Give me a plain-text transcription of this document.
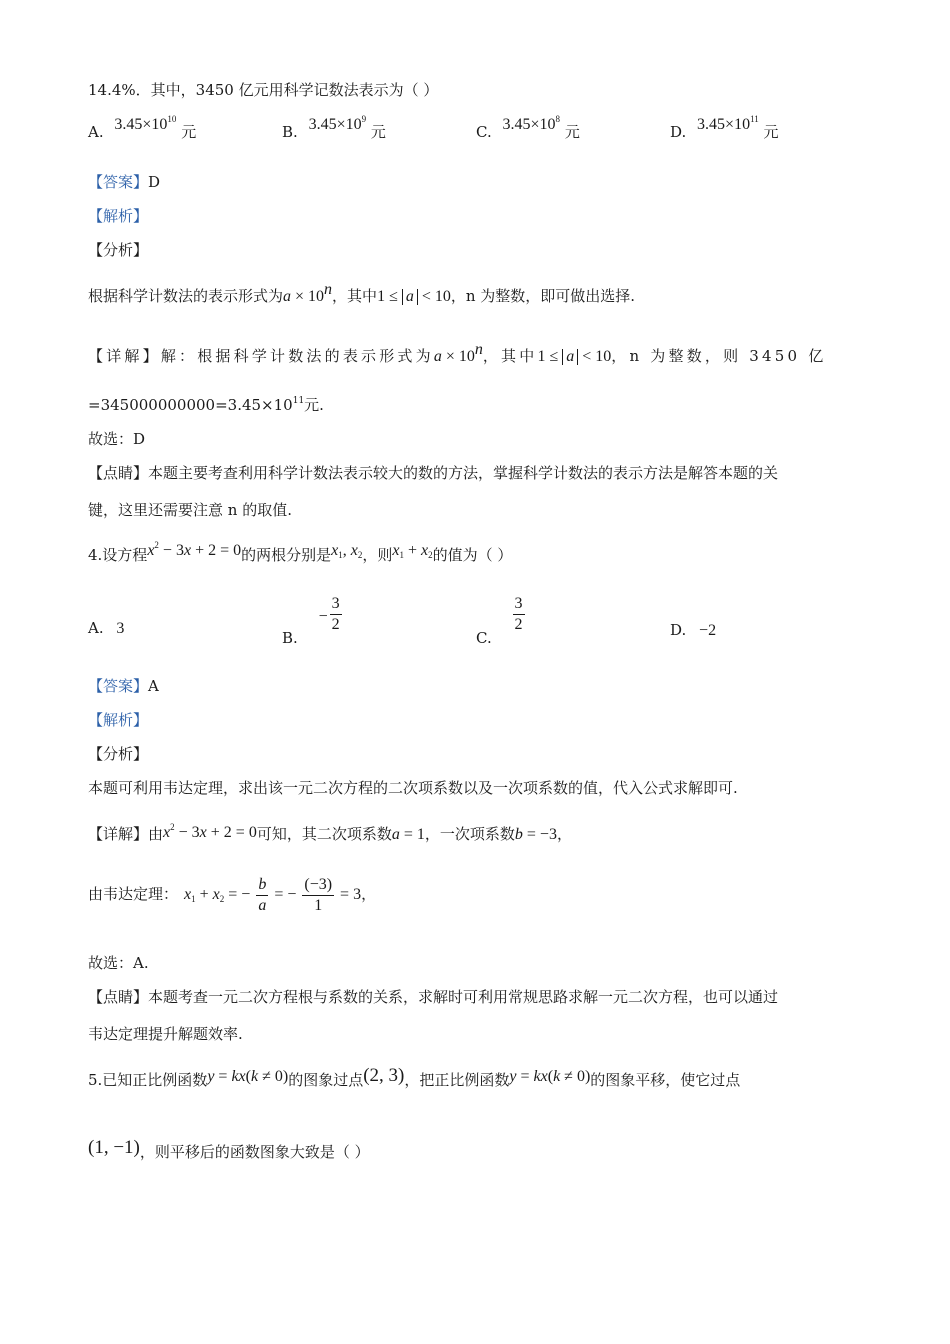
14.4%．其中，3450 亿元用科学记数法表示为（ ）
A. $3.45\times 10^{10}$ 元	B. $3.45\times 10^9$ 元	C. $3.45\times 10^8$ 元	D. $3.45\times 10^{11}$ 元
【答案】D
【解析】
【分析】
根据科学计数法的表示形式为$a \times 10^n$，其中1 ≤ a < 10，n 为整数，即可做出选择.
【详解】解：根据科学计数法的表示形式为$a \times 10^n$，其中1 ≤ a < 10，n 为整数，则 3450 亿
$=345000000000=3.45\times 10^{11}$元.
故选：D
【点睛】本题主要考查利用科学计数法表示较大的数的方法，掌握科学计数法的表示方法是解答本题的关
键，这里还需要注意 n 的取值.
4.设方程$x^2 - 3x + 2 = 0$的两根分别是$x_1$, $x_2$，则$x_1 + x_2$的值为（ ）
A. 3	B. − $\frac{3}{2}$
C.
$\frac{3}{2}$	D. −2
【答案】A
【解析】
【分析】
本题可利用韦达定理，求出该一元二次方程的二次项系数以及一次项系数的值，代入公式求解即可.
【详解】由$x^2 - 3x + 2 = 0$可知，其二次项系数a = 1，一次项系数b = −3，
由韦达定理： $x_1 + x_2$ = − $\frac{b}{a}$ = − $\frac{(-3)}{1} = 3$，
故选：A.
【点睛】本题考查一元二次方程根与系数的关系，求解时可利用常规思路求解一元二次方程，也可以通过
韦达定理提升解题效率.
5.已知正比例函数y = kx(k ≠ 0)的图象过点(2, 3)，把正比例函数y = kx(k ≠ 0)的图象平移，使它过点
(1, −1)，则平移后的函数图象大致是（ ）
